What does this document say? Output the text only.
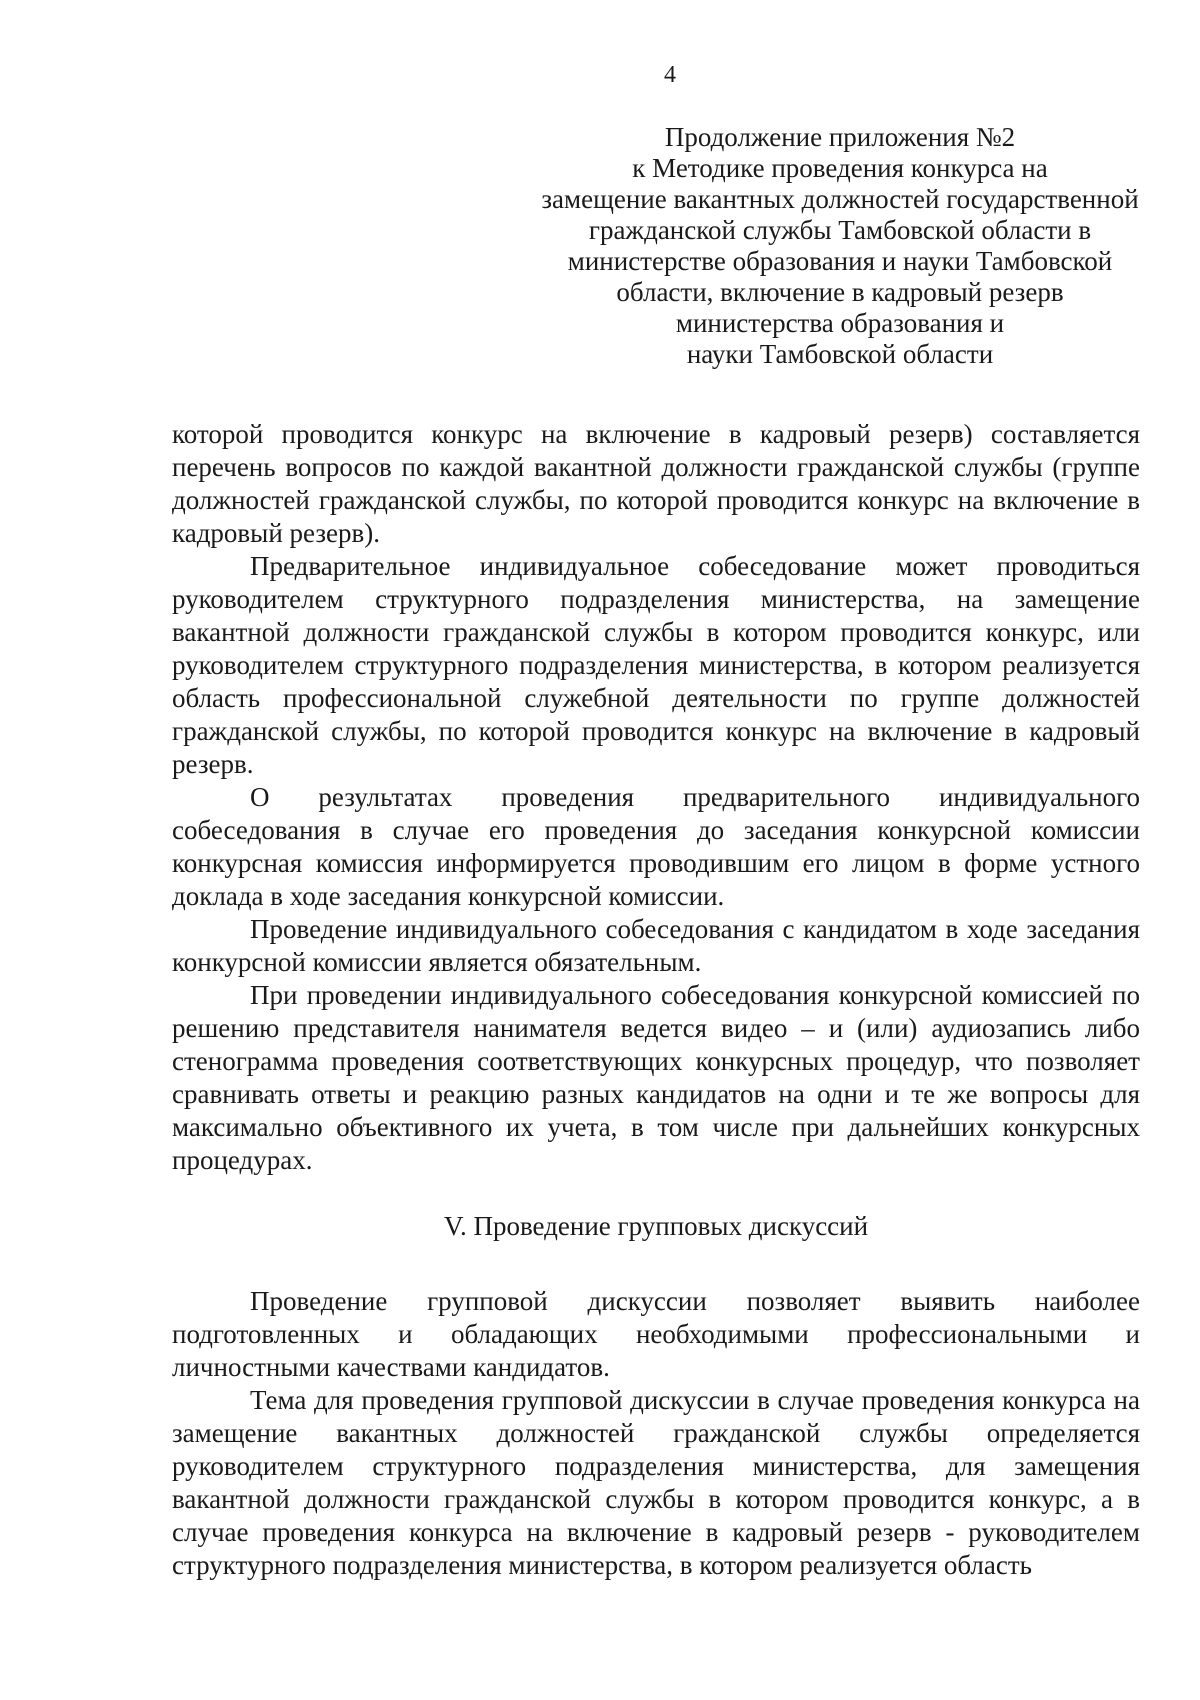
4
Продолжение приложения №2
к Методике проведения конкурса на
замещение вакантных должностей государственной
гражданской службы Тамбовской области в
министерстве образования и науки Тамбовской
области, включение в кадровый резерв
министерства образования и
науки Тамбовской области

которой проводится конкурс на включение в кадровый резерв) составляется перечень вопросов по каждой вакантной должности гражданской службы (группе должностей гражданской службы, по которой проводится конкурс на включение в кадровый резерв).

Предварительное индивидуальное собеседование может проводиться руководителем структурного подразделения министерства, на замещение вакантной должности гражданской службы в котором проводится конкурс, или руководителем структурного подразделения министерства, в котором реализуется область профессиональной служебной деятельности по группе должностей гражданской службы, по которой проводится конкурс на включение в кадровый резерв.

О результатах проведения предварительного индивидуального собеседования в случае его проведения до заседания конкурсной комиссии конкурсная комиссия информируется проводившим его лицом в форме устного доклада в ходе заседания конкурсной комиссии.

Проведение индивидуального собеседования с кандидатом в ходе заседания конкурсной комиссии является обязательным.

При проведении индивидуального собеседования конкурсной комиссией по решению представителя нанимателя ведется видео – и (или) аудиозапись либо стенограмма проведения соответствующих конкурсных процедур, что позволяет сравнивать ответы и реакцию разных кандидатов на одни и те же вопросы для максимально объективного их учета, в том числе при дальнейших конкурсных процедурах.

V. Проведение групповых дискуссий

Проведение групповой дискуссии позволяет выявить наиболее подготовленных и обладающих необходимыми профессиональными и личностными качествами кандидатов.

Тема для проведения групповой дискуссии в случае проведения конкурса на замещение вакантных должностей гражданской службы определяется руководителем структурного подразделения министерства, для замещения вакантной должности гражданской службы в котором проводится конкурс, а в случае проведения конкурса на включение в кадровый резерв - руководителем структурного подразделения министерства, в котором реализуется область
